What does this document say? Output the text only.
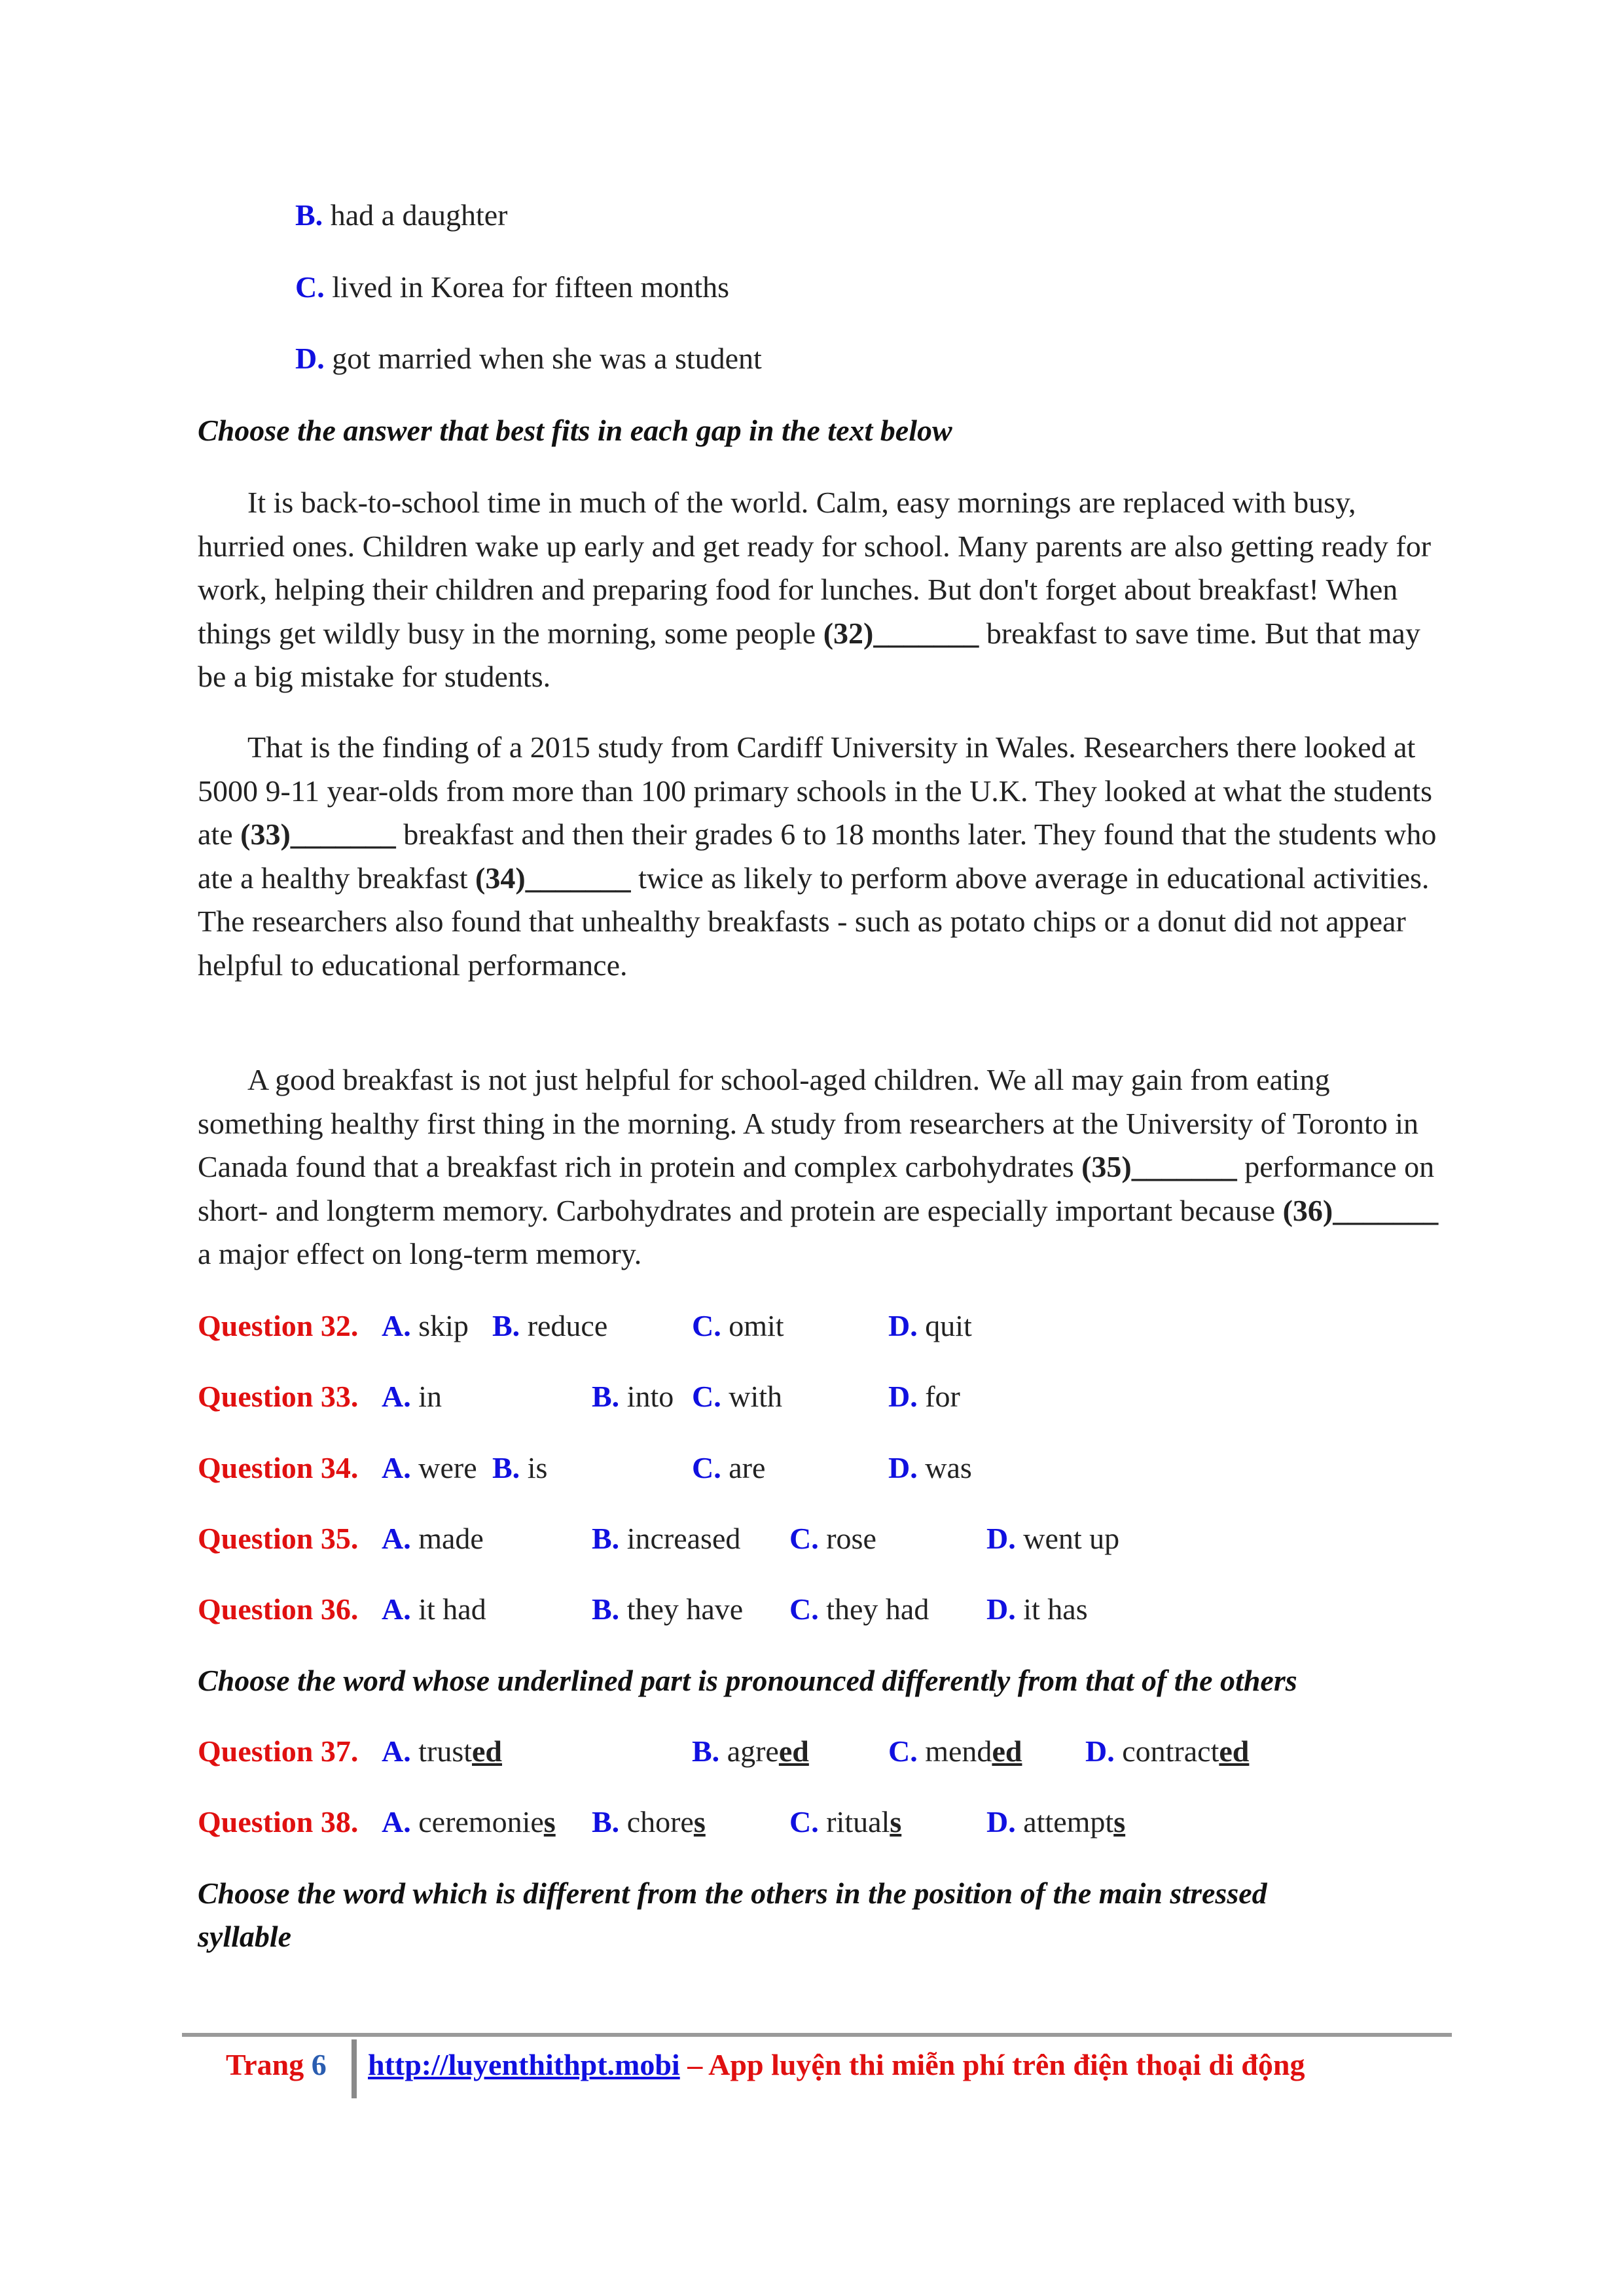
B. had a daughter
C. lived in Korea for fifteen months
D. got married when she was a student
Choose the answer that best fits in each gap in the text below

It is back-to-school time in much of the world. Calm, easy mornings are replaced with busy, hurried ones. Children wake up early and get ready for school. Many parents are also getting ready for work, helping their children and preparing food for lunches. But don't forget about breakfast! When things get wildly busy in the morning, some people (32)_______ breakfast to save time. But that may be a big mistake for students.

That is the finding of a 2015 study from Cardiff University in Wales. Researchers there looked at 5000 9-11 year-olds from more than 100 primary schools in the U.K. They looked at what the students ate (33)_______ breakfast and then their grades 6 to 18 months later. They found that the students who ate a healthy breakfast (34)_______ twice as likely to perform above average in educational activities. The researchers also found that unhealthy breakfasts - such as potato chips or a donut did not appear helpful to educational performance.

A good breakfast is not just helpful for school-aged children. We all may gain from eating something healthy first thing in the morning. A study from researchers at the University of Toronto in Canada found that a breakfast rich in protein and complex carbohydrates (35)_______ performance on short- and longterm memory. Carbohydrates and protein are especially important because (36)_______ a major effect on long-term memory.

Question 32. A. skip B. reduce	C. omit	D. quit
Question 33. A. in	B. into C. with	D. for
Question 34. A. were B. is	C. are	D. was
Question 35. A. made	B. increased C. rose	D. went up
Question 36. A. it had	B. they have C. they had D. it has
Choose the word whose underlined part is pronounced differently from that of the others
Question 37. A. trusted	B. agreed	C. mended D. contracted
Question 38. A. ceremonies B. chores	C. rituals	D. attempts
Choose the word which is different from the others in the position of the main stressed
syllable
Trang 6 http://luyenthithpt.mobi – App luyện thi miễn phí trên điện thoại di động
